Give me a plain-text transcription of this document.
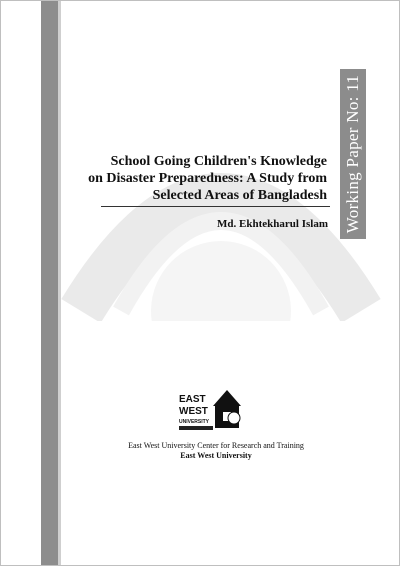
School Going Children's Knowledge
on Disaster Preparedness: A Study from
Selected Areas of Bangladesh
Md. Ekhtekharul Islam Working Paper No: 11
EAST
WEST
UNIVERSITY
East West University Center for Research and Training
East West University
